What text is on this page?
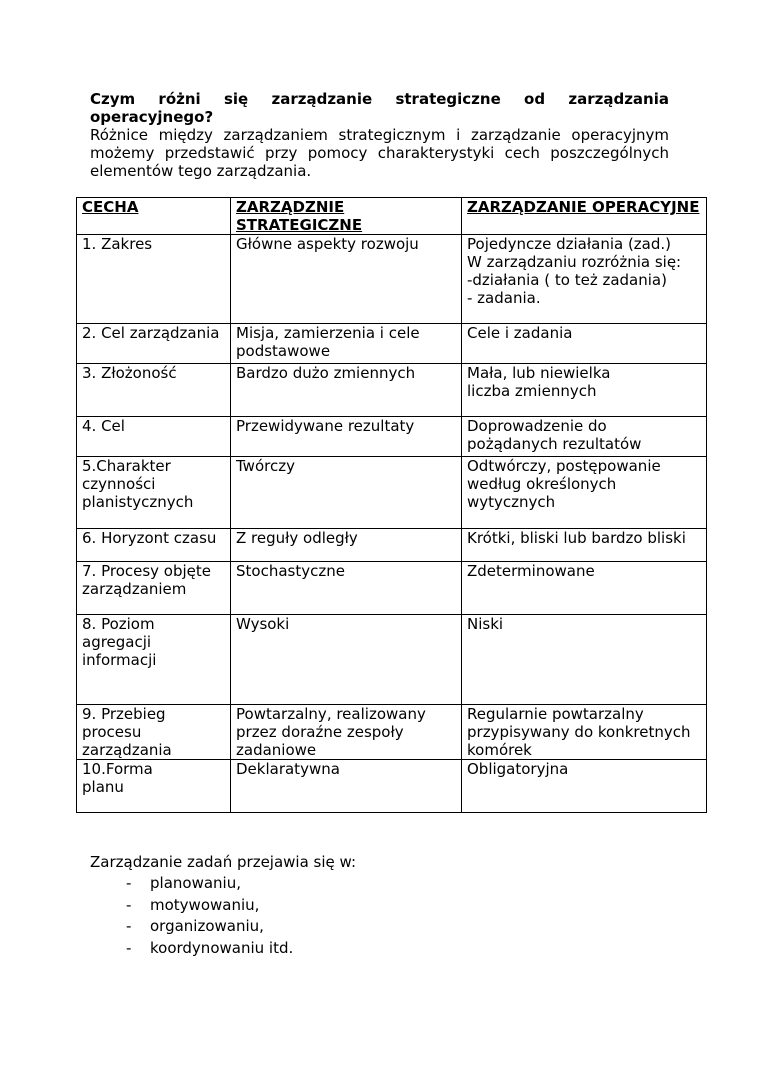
Czym różni się zarządzanie strategiczne od zarządzania operacyjnego?
Różnice między zarządzaniem strategicznym i zarządzanie operacyjnym możemy przedstawić przy pomocy charakterystyki cech poszczególnych elementów tego zarządzania.
CECHA	ZARZĄDZNIE STRATEGICZNE	ZARZĄDZANIE OPERACYJNE
1. Zakres	Główne aspekty rozwoju	Pojedyncze działania (zad.)
W zarządzaniu rozróżnia się:
-działania ( to też zadania)
- zadania.
2. Cel zarządzania	Misja, zamierzenia i cele podstawowe	Cele i zadania
3. Złożoność	Bardzo dużo zmiennych	Mała, lub niewielka
liczba zmiennych
4. Cel	Przewidywane rezultaty	Doprowadzenie do pożądanych rezultatów
5.Charakter czynności planistycznych	Twórczy	Odtwórczy, postępowanie według określonych wytycznych
6. Horyzont czasu	Z reguły odległy	Krótki, bliski lub bardzo bliski
7. Procesy objęte
zarządzaniem	Stochastyczne	Zdeterminowane
8. Poziom
agregacji
informacji	Wysoki	Niski
9. Przebieg procesu zarządzania	Powtarzalny, realizowany przez doraźne zespoły zadaniowe	Regularnie powtarzalny przypisywany do konkretnych komórek
10.Forma
planu	Deklaratywna	Obligatoryjna
Zarządzanie zadań przejawia się w:
- planowaniu,
- motywowaniu,
- organizowaniu,
- koordynowaniu itd.
